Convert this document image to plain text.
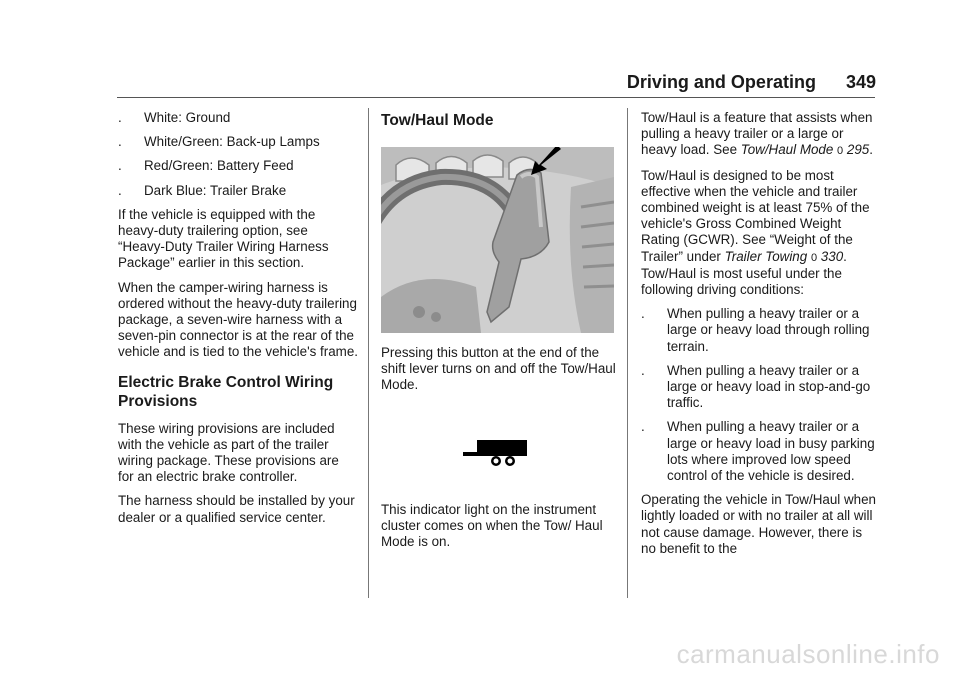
Driving and Operating 349
.	White: Ground
.	White/Green: Back-up Lamps
.	Red/Green: Battery Feed
.	Dark Blue: Trailer Brake

If the vehicle is equipped with the heavy-duty trailering option, see “Heavy-Duty Trailer Wiring Harness Package” earlier in this section.

When the camper-wiring harness is ordered without the heavy-duty trailering package, a seven-wire harness with a seven-pin connector is at the rear of the vehicle and is tied to the vehicle's frame.

Electric Brake Control Wiring Provisions

These wiring provisions are included with the vehicle as part of the trailer wiring package. These provisions are for an electric brake controller.

The harness should be installed by your dealer or a qualified service center.

Tow/Haul Mode

Pressing this button at the end of the shift lever turns on and off the Tow/Haul Mode.

This indicator light on the instrument cluster comes on when the Tow/ Haul Mode is on.

Tow/Haul is a feature that assists when pulling a heavy trailer or a large or heavy load. See Tow/Haul Mode 0 295.

Tow/Haul is designed to be most effective when the vehicle and trailer combined weight is at least 75% of the vehicle's Gross Combined Weight Rating (GCWR). See “Weight of the Trailer” under Trailer Towing 0 330. Tow/Haul is most useful under the following driving conditions:

.	When pulling a heavy trailer or a large or heavy load through rolling terrain.
.	When pulling a heavy trailer or a large or heavy load in stop-and-go traffic.
.	When pulling a heavy trailer or a large or heavy load in busy parking lots where improved low speed control of the vehicle is desired.

Operating the vehicle in Tow/Haul when lightly loaded or with no trailer at all will not cause damage. However, there is no benefit to the

carmanualsonline.info
